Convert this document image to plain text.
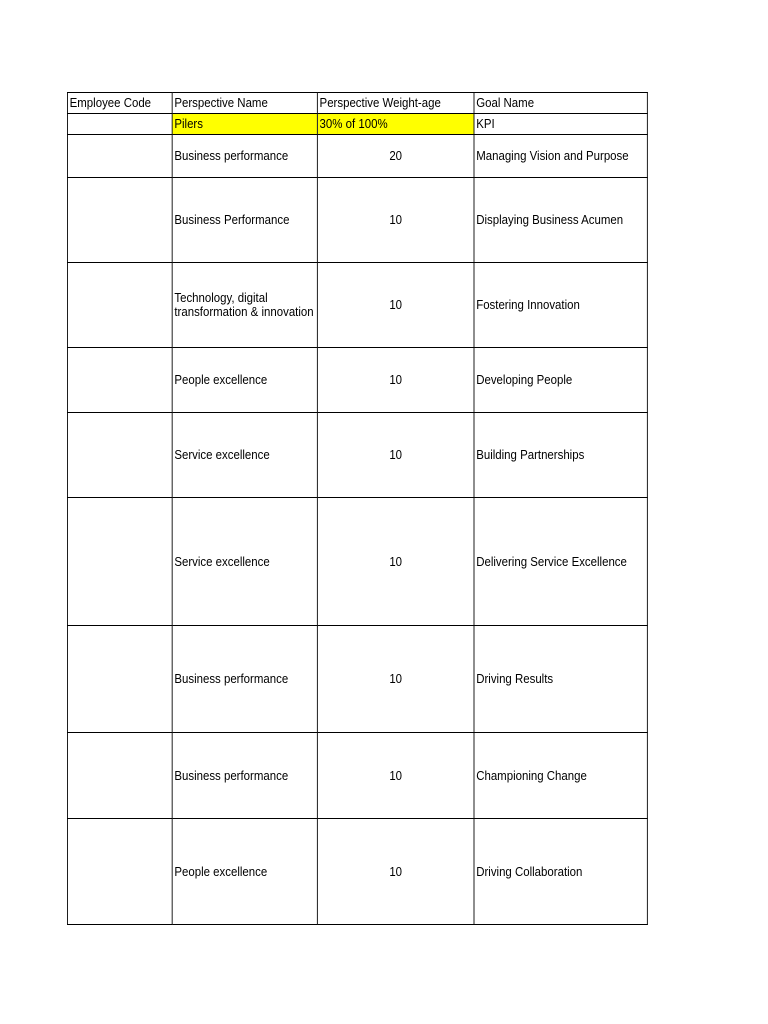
Employee Code	Perspective Name	Perspective Weight-age	Goal Name
	Pilers	30% of 100%	KPI
	Business performance	20	Managing Vision and Purpose
	Business Performance	10	Displaying Business Acumen
	Technology, digital transformation & innovation	10	Fostering Innovation
	People excellence	10	Developing People
	Service excellence	10	Building Partnerships
	Service excellence	10	Delivering Service Excellence
	Business performance	10	Driving Results
	Business performance	10	Championing Change
	People excellence	10	Driving Collaboration
